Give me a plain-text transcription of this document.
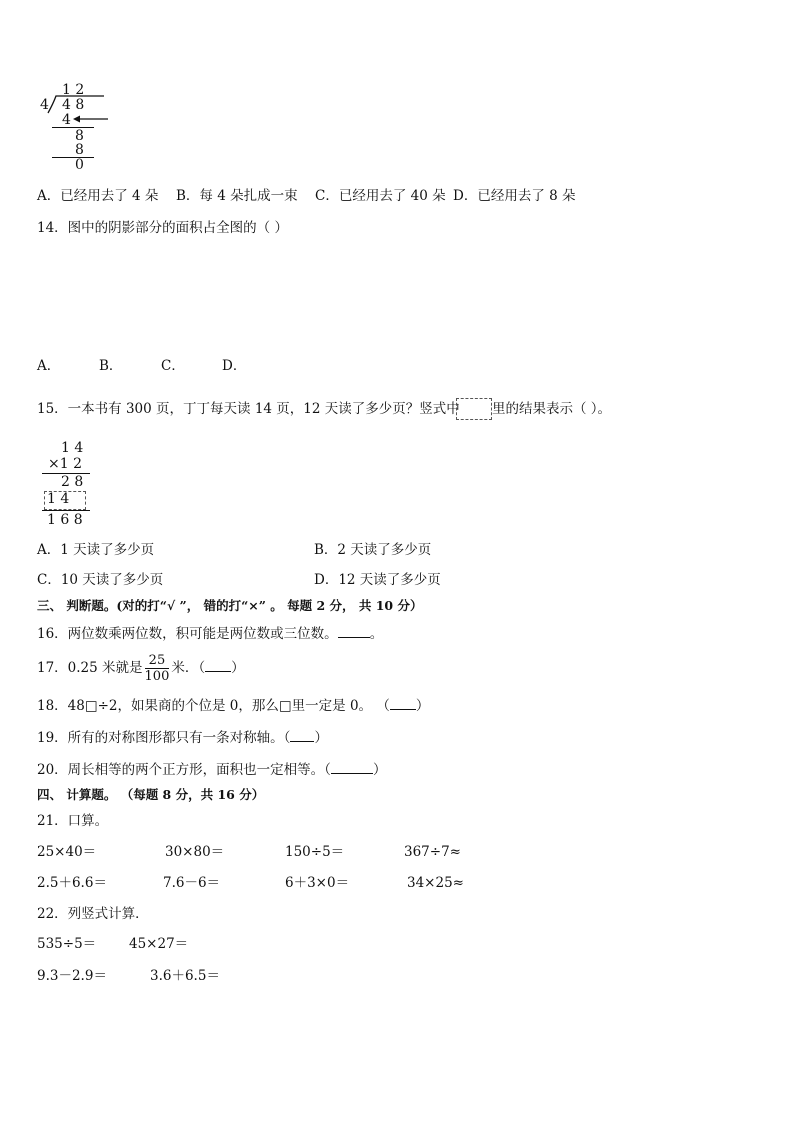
1 2
4 4 8
4
8
8
0
A．已经用去了 4 朵 B．每 4 朵扎成一束 C．已经用去了 40 朵 D．已经用去了 8 朵
14．图中的阴影部分的面积占全图的（ ）
A．	B．	C．	D．
15．一本书有 300 页，丁丁每天读 14 页，12 天读了多少页？竖式中 里的结果表示（ ）。
1 4
×1 2
2 8
1 4
1 6 8
A．1 天读了多少页	B．2 天读了多少页
C．10 天读了多少页	D．12 天读了多少页
三、 判断题。(对的打“√ ”， 错的打“×” 。 每题 2 分， 共 10 分）
16．两位数乘两位数，积可能是两位数或三位数。 。
17．0.25 米就是 $\frac{25}{100}$ 米．（ ）
18．48□÷2，如果商的个位是 0，那么□里一定是 0。 （ ）
19．所有的对称图形都只有一条对称轴。（ ）
20．周长相等的两个正方形，面积也一定相等。（	）
四、 计算题。 （每题 8 分，共 16 分）
21．口算。
25×40＝	30×80＝	150÷5＝	367÷7≈
2.5＋6.6＝	7.6－6＝	6＋3×0＝	34×25≈
22．列竖式计算．
535÷5＝ 45×27＝
9.3－2.9＝	3.6＋6.5＝
